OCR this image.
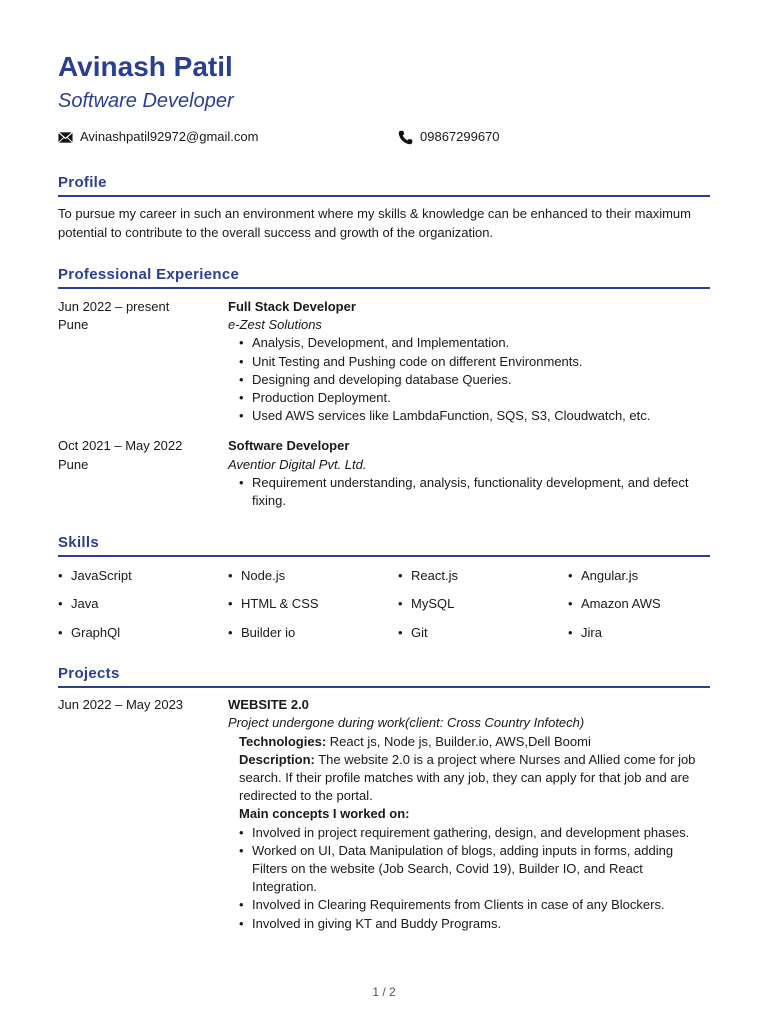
Avinash Patil
Software Developer
Avinashpatil92972@gmail.com	09867299670
Profile
To pursue my career in such an environment where my skills & knowledge can be enhanced to their maximum potential to contribute to the overall success and growth of the organization.
Professional Experience
Jun 2022 – present
Pune
Full Stack Developer
e-Zest Solutions
• Analysis, Development, and Implementation.
• Unit Testing and Pushing code on different Environments.
• Designing and developing database Queries.
• Production Deployment.
• Used AWS services like LambdaFunction, SQS, S3, Cloudwatch, etc.
Oct 2021 – May 2022
Pune
Software Developer
Aventior Digital Pvt. Ltd.
• Requirement understanding, analysis, functionality development, and defect fixing.
Skills
• JavaScript	• Node.js	• React.js	• Angular.js
• Java	• HTML & CSS	• MySQL	• Amazon AWS
• GraphQl	• Builder io	• Git	• Jira
Projects
Jun 2022 – May 2023	WEBSITE 2.0
Project undergone during work(client: Cross Country Infotech)
Technologies: React js, Node js, Builder.io, AWS,Dell Boomi
Description: The website 2.0 is a project where Nurses and Allied come for job search. If their profile matches with any job, they can apply for that job and are redirected to the portal.
Main concepts I worked on:
• Involved in project requirement gathering, design, and development phases.
• Worked on UI, Data Manipulation of blogs, adding inputs in forms, adding Filters on the website (Job Search, Covid 19), Builder IO, and React Integration.
• Involved in Clearing Requirements from Clients in case of any Blockers.
• Involved in giving KT and Buddy Programs.
1 / 2
